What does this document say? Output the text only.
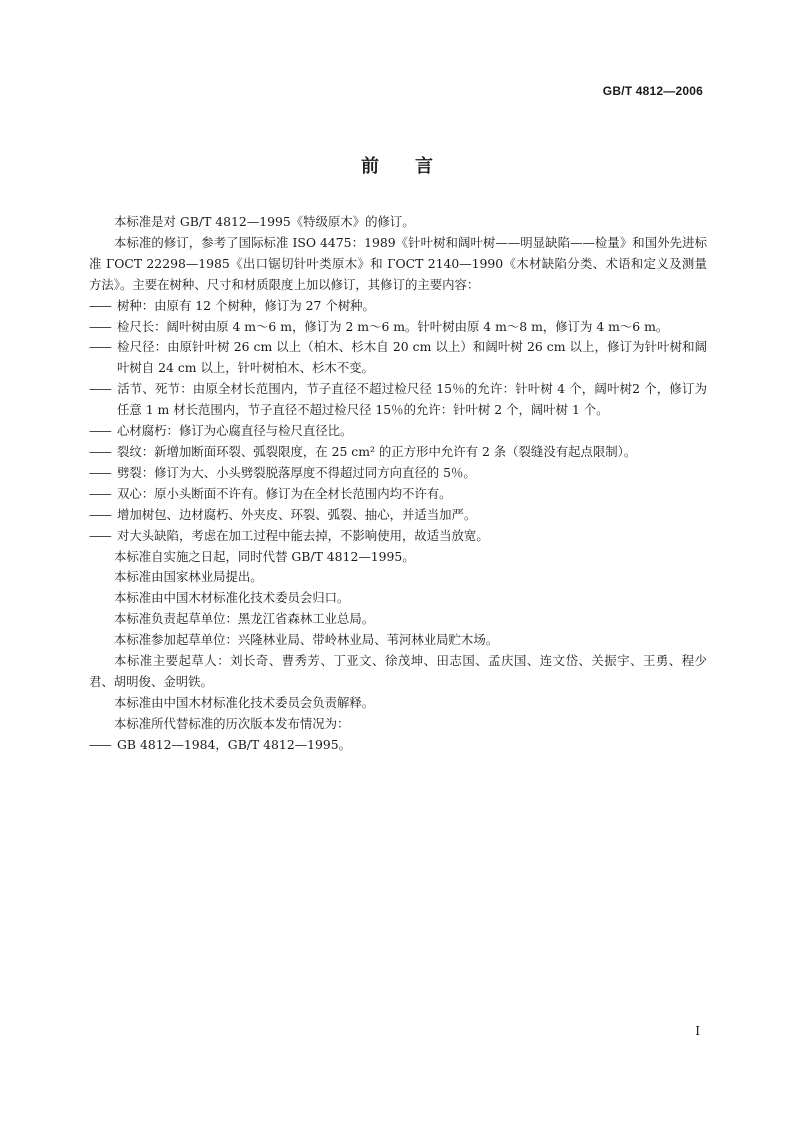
GB/T 4812—2006
前言

本标准是对 GB/T 4812—1995《特级原木》的修订。

本标准的修订，参考了国际标准 ISO 4475：1989《针叶树和阔叶树——明显缺陷——检量》和国外先进标准 ГOCT 22298—1985《出口锯切针叶类原木》和 ГOCT 2140—1990《木材缺陷分类、术语和定义及测量方法》。主要在树种、尺寸和材质限度上加以修订，其修订的主要内容：

—— 树种：由原有 12 个树种，修订为 27 个树种。

—— 检尺长：阔叶树由原 4 m～6 m，修订为 2 m～6 m。针叶树由原 4 m～8 m，修订为 4 m～6 m。

—— 检尺径：由原针叶树 26 cm 以上（柏木、杉木自 20 cm 以上）和阔叶树 26 cm 以上，修订为针叶树和阔叶树自 24 cm 以上，针叶树柏木、杉木不变。

—— 活节、死节：由原全材长范围内，节子直径不超过检尺径 15％的允许：针叶树 4 个，阔叶树2 个，修订为任意 1 m 材长范围内，节子直径不超过检尺径 15％的允许：针叶树 2 个，阔叶树 1 个。

—— 心材腐朽：修订为心腐直径与检尺直径比。

—— 裂纹：新增加断面环裂、弧裂限度，在 25 cm² 的正方形中允许有 2 条（裂缝没有起点限制）。

—— 劈裂：修订为大、小头劈裂脱落厚度不得超过同方向直径的 5％。

—— 双心：原小头断面不许有。修订为在全材长范围内均不许有。

—— 增加树包、边材腐朽、外夹皮、环裂、弧裂、抽心，并适当加严。

—— 对大头缺陷，考虑在加工过程中能去掉，不影响使用，故适当放宽。

本标准自实施之日起，同时代替 GB/T 4812—1995。

本标准由国家林业局提出。

本标准由中国木材标准化技术委员会归口。

本标准负责起草单位：黑龙江省森林工业总局。

本标准参加起草单位：兴隆林业局、带岭林业局、苇河林业局贮木场。

本标准主要起草人：刘长奇、曹秀芳、丁亚文、徐茂坤、田志国、孟庆国、连文岱、关振宇、王勇、程少君、胡明俊、金明铁。

本标准由中国木材标准化技术委员会负责解释。

本标准所代替标准的历次版本发布情况为：

—— GB 4812—1984，GB/T 4812—1995。

I
